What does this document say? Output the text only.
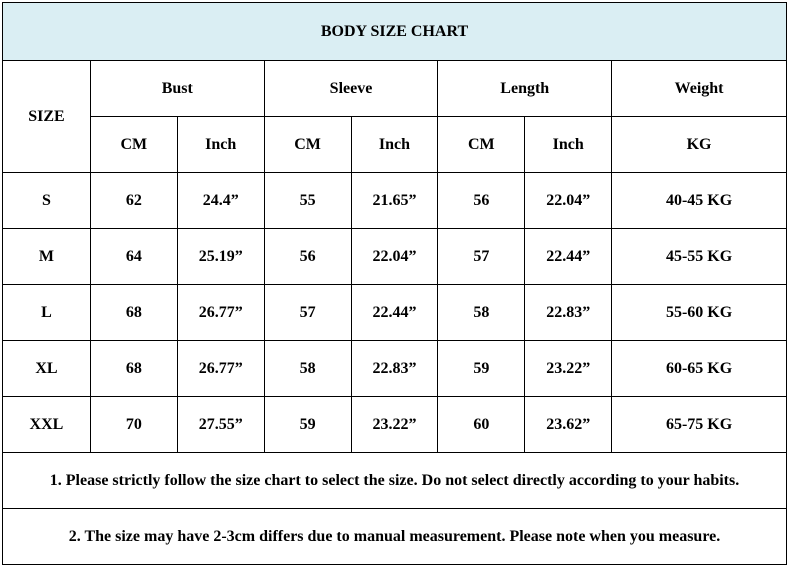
BODY SIZE CHART							
SIZE	Bust		Sleeve		Length		Weight
	CM	Inch	CM	Inch	CM	Inch	KG
S	62	24.4”	55	21.65”	56	22.04”	40-45 KG
M	64	25.19”	56	22.04”	57	22.44”	45-55 KG
L	68	26.77”	57	22.44”	58	22.83”	55-60 KG
XL	68	26.77”	58	22.83”	59	23.22”	60-65 KG
XXL	70	27.55”	59	23.22”	60	23.62”	65-75 KG
1. Please strictly follow the size chart to select the size. Do not select directly according to your habits.							
2. The size may have 2-3cm differs due to manual measurement. Please note when you measure.							
